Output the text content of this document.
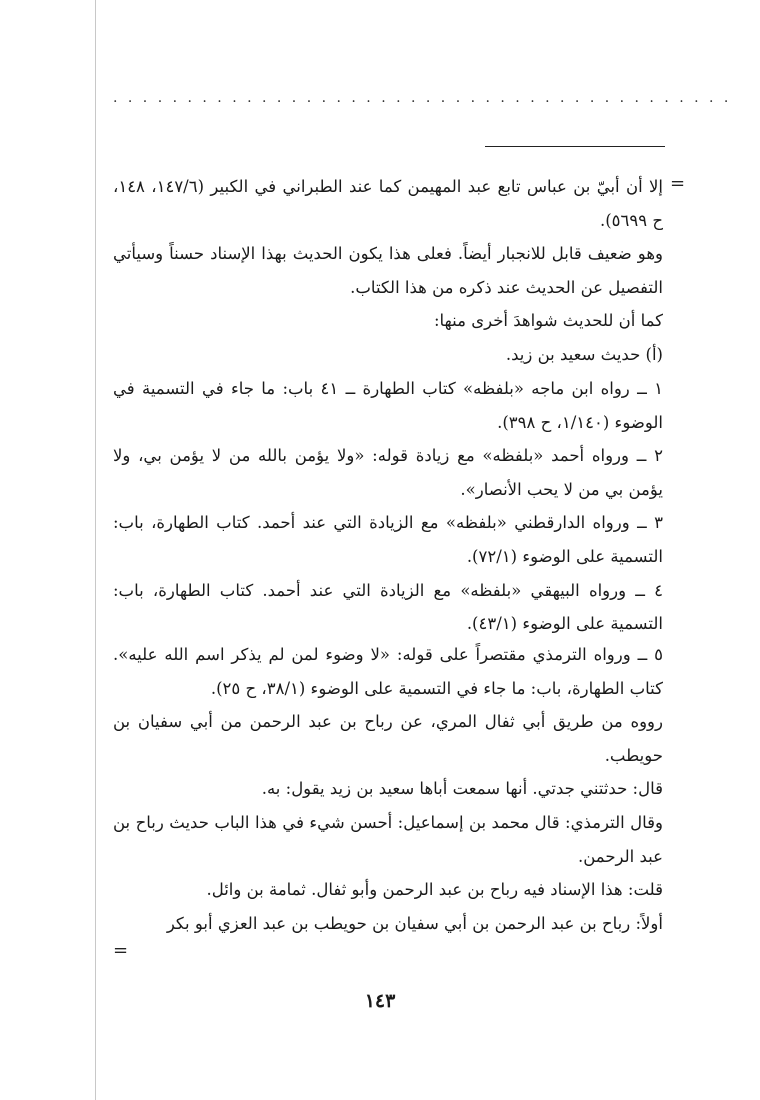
. . . . . . . . . . . . . . . . . . . . . . . . . . . . . . . . . . . . . . . . . .
=

إلا أن أبيّ بن عباس تابع عبد المهيمن كما عند الطبراني في الكبير (١٤٧/٦، ١٤٨، ح ٥٦٩٩).

وهو ضعيف قابل للانجبار أيضاً. فعلى هذا يكون الحديث بهذا الإسناد حسناً وسيأتي التفصيل عن الحديث عند ذكره من هذا الكتاب.

كما أن للحديث شواهدَ أخرى منها:

(أ) حديث سعيد بن زيد.

١ ــ رواه ابن ماجه «بلفظه» كتاب الطهارة ــ ٤١ باب: ما جاء في التسمية في الوضوء (١/١٤٠، ح ٣٩٨).

٢ ــ ورواه أحمد «بلفظه» مع زيادة قوله: «ولا يؤمن بالله من لا يؤمن بي، ولا يؤمن بي من لا يحب الأنصار».

٣ ــ ورواه الدارقطني «بلفظه» مع الزيادة التي عند أحمد. كتاب الطهارة، باب: التسمية على الوضوء (٧٢/١).

٤ ــ ورواه البيهقي «بلفظه» مع الزيادة التي عند أحمد. كتاب الطهارة، باب: التسمية على الوضوء (٤٣/١).

٥ ــ ورواه الترمذي مقتصراً على قوله: «لا وضوء لمن لم يذكر اسم الله عليه». كتاب الطهارة، باب: ما جاء في التسمية على الوضوء (٣٨/١، ح ٢٥).

رووه من طريق أبي ثفال المري، عن رباح بن عبد الرحمن من أبي سفيان بن حويطب.

قال: حدثتني جدتي. أنها سمعت أباها سعيد بن زيد يقول: به.

وقال الترمذي: قال محمد بن إسماعيل: أحسن شيء في هذا الباب حديث رباح بن عبد الرحمن.

قلت: هذا الإسناد فيه رباح بن عبد الرحمن وأبو ثفال. ثمامة بن وائل.

أولاً: رباح بن عبد الرحمن بن أبي سفيان بن حويطب بن عبد العزي أبو بكر

=
١٤٣
